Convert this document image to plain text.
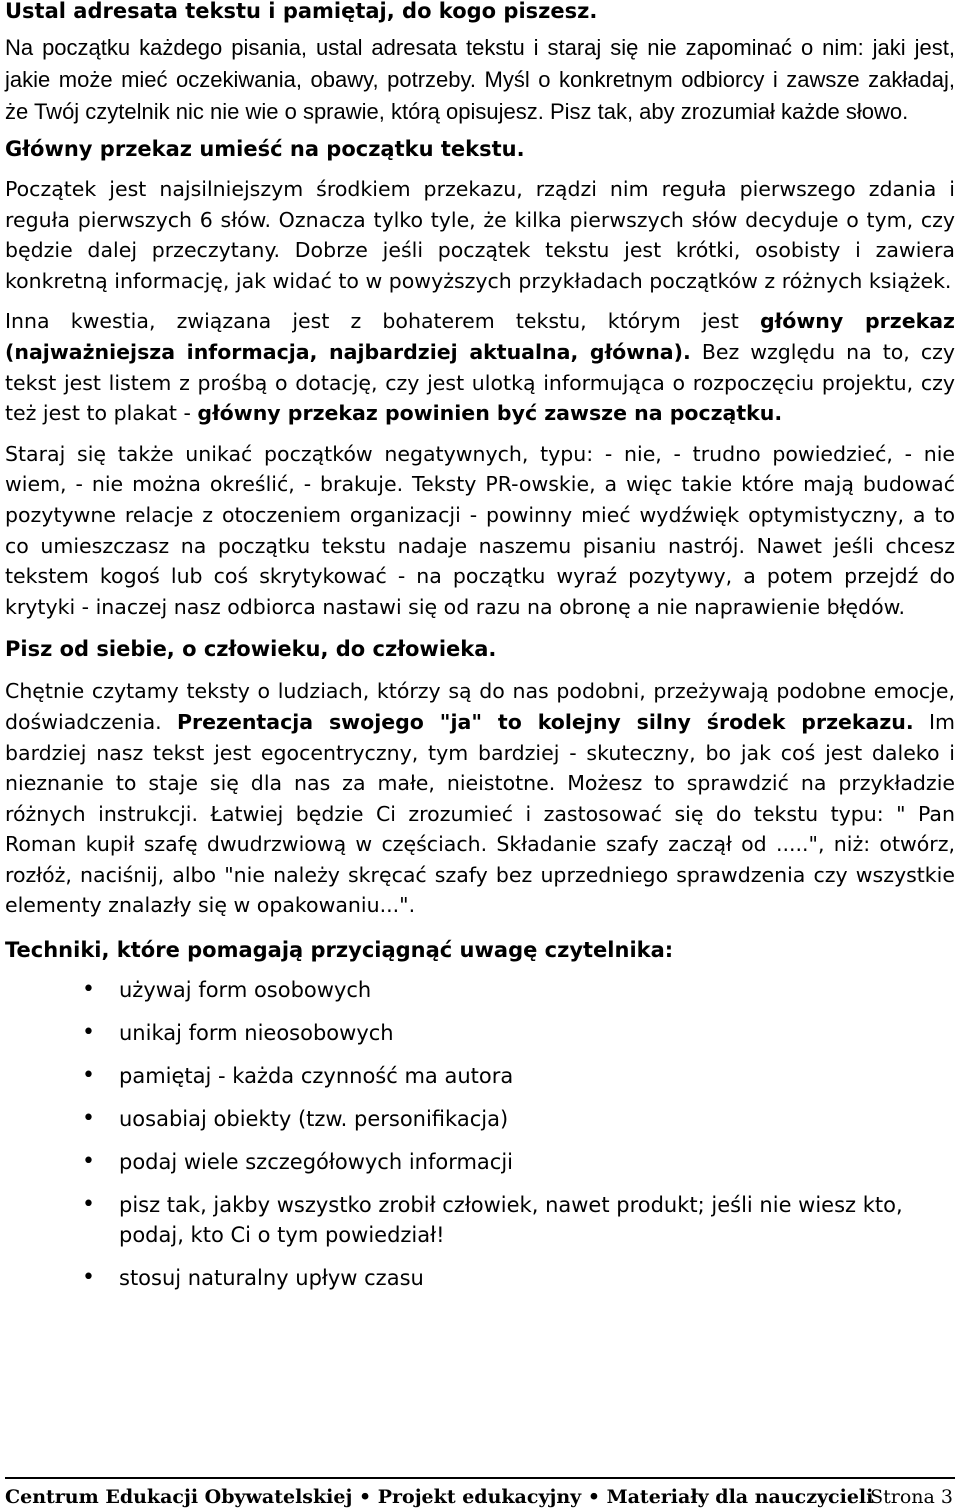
Ustal adresata tekstu i pamiętaj, do kogo piszesz.

Na początku każdego pisania, ustal adresata tekstu i staraj się nie zapominać o nim: jaki jest, jakie może mieć oczekiwania, obawy, potrzeby. Myśl o konkretnym odbiorcy i zawsze zakładaj, że Twój czytelnik nic nie wie o sprawie, którą opisujesz. Pisz tak, aby zrozumiał każde słowo.

Główny przekaz umieść na początku tekstu.

Początek jest najsilniejszym środkiem przekazu, rządzi nim reguła pierwszego zdania i reguła pierwszych 6 słów. Oznacza tylko tyle, że kilka pierwszych słów decyduje o tym, czy będzie dalej przeczytany. Dobrze jeśli początek tekstu jest krótki, osobisty i zawiera konkretną informację, jak widać to w powyższych przykładach początków z różnych książek.

Inna kwestia, związana jest z bohaterem tekstu, którym jest główny przekaz (najważniejsza informacja, najbardziej aktualna, główna). Bez względu na to, czy tekst jest listem z prośbą o dotację, czy jest ulotką informująca o rozpoczęciu projektu, czy też jest to plakat - główny przekaz powinien być zawsze na początku.

Staraj się także unikać początków negatywnych, typu: - nie, - trudno powiedzieć, - nie wiem, - nie można określić, - brakuje. Teksty PR-owskie, a więc takie które mają budować pozytywne relacje z otoczeniem organizacji - powinny mieć wydźwięk optymistyczny, a to co umieszczasz na początku tekstu nadaje naszemu pisaniu nastrój. Nawet jeśli chcesz tekstem kogoś lub coś skrytykować - na początku wyraź pozytywy, a potem przejdź do krytyki - inaczej nasz odbiorca nastawi się od razu na obronę a nie naprawienie błędów.

Pisz od siebie, o człowieku, do człowieka.

Chętnie czytamy teksty o ludziach, którzy są do nas podobni, przeżywają podobne emocje, doświadczenia. Prezentacja swojego "ja" to kolejny silny środek przekazu. Im bardziej nasz tekst jest egocentryczny, tym bardziej - skuteczny, bo jak coś jest daleko i nieznanie to staje się dla nas za małe, nieistotne. Możesz to sprawdzić na przykładzie różnych instrukcji. Łatwiej będzie Ci zrozumieć i zastosować się do tekstu typu: " Pan Roman kupił szafę dwudrzwiową w częściach. Składanie szafy zaczął od .....", niż: otwórz, rozłóż, naciśnij, albo "nie należy skręcać szafy bez uprzedniego sprawdzenia czy wszystkie elementy znalazły się w opakowaniu...".

Techniki, które pomagają przyciągnąć uwagę czytelnika:
• używaj form osobowych
• unikaj form nieosobowych
• pamiętaj - każda czynność ma autora
• uosabiaj obiekty (tzw. personifikacja)
• podaj wiele szczegółowych informacji
• pisz tak, jakby wszystko zrobił człowiek, nawet produkt; jeśli nie wiesz kto, podaj, kto Ci o tym powiedział!
• stosuj naturalny upływ czasu
Centrum Edukacji Obywatelskiej • Projekt edukacyjny • Materiały dla nauczycieli
Strona 3
